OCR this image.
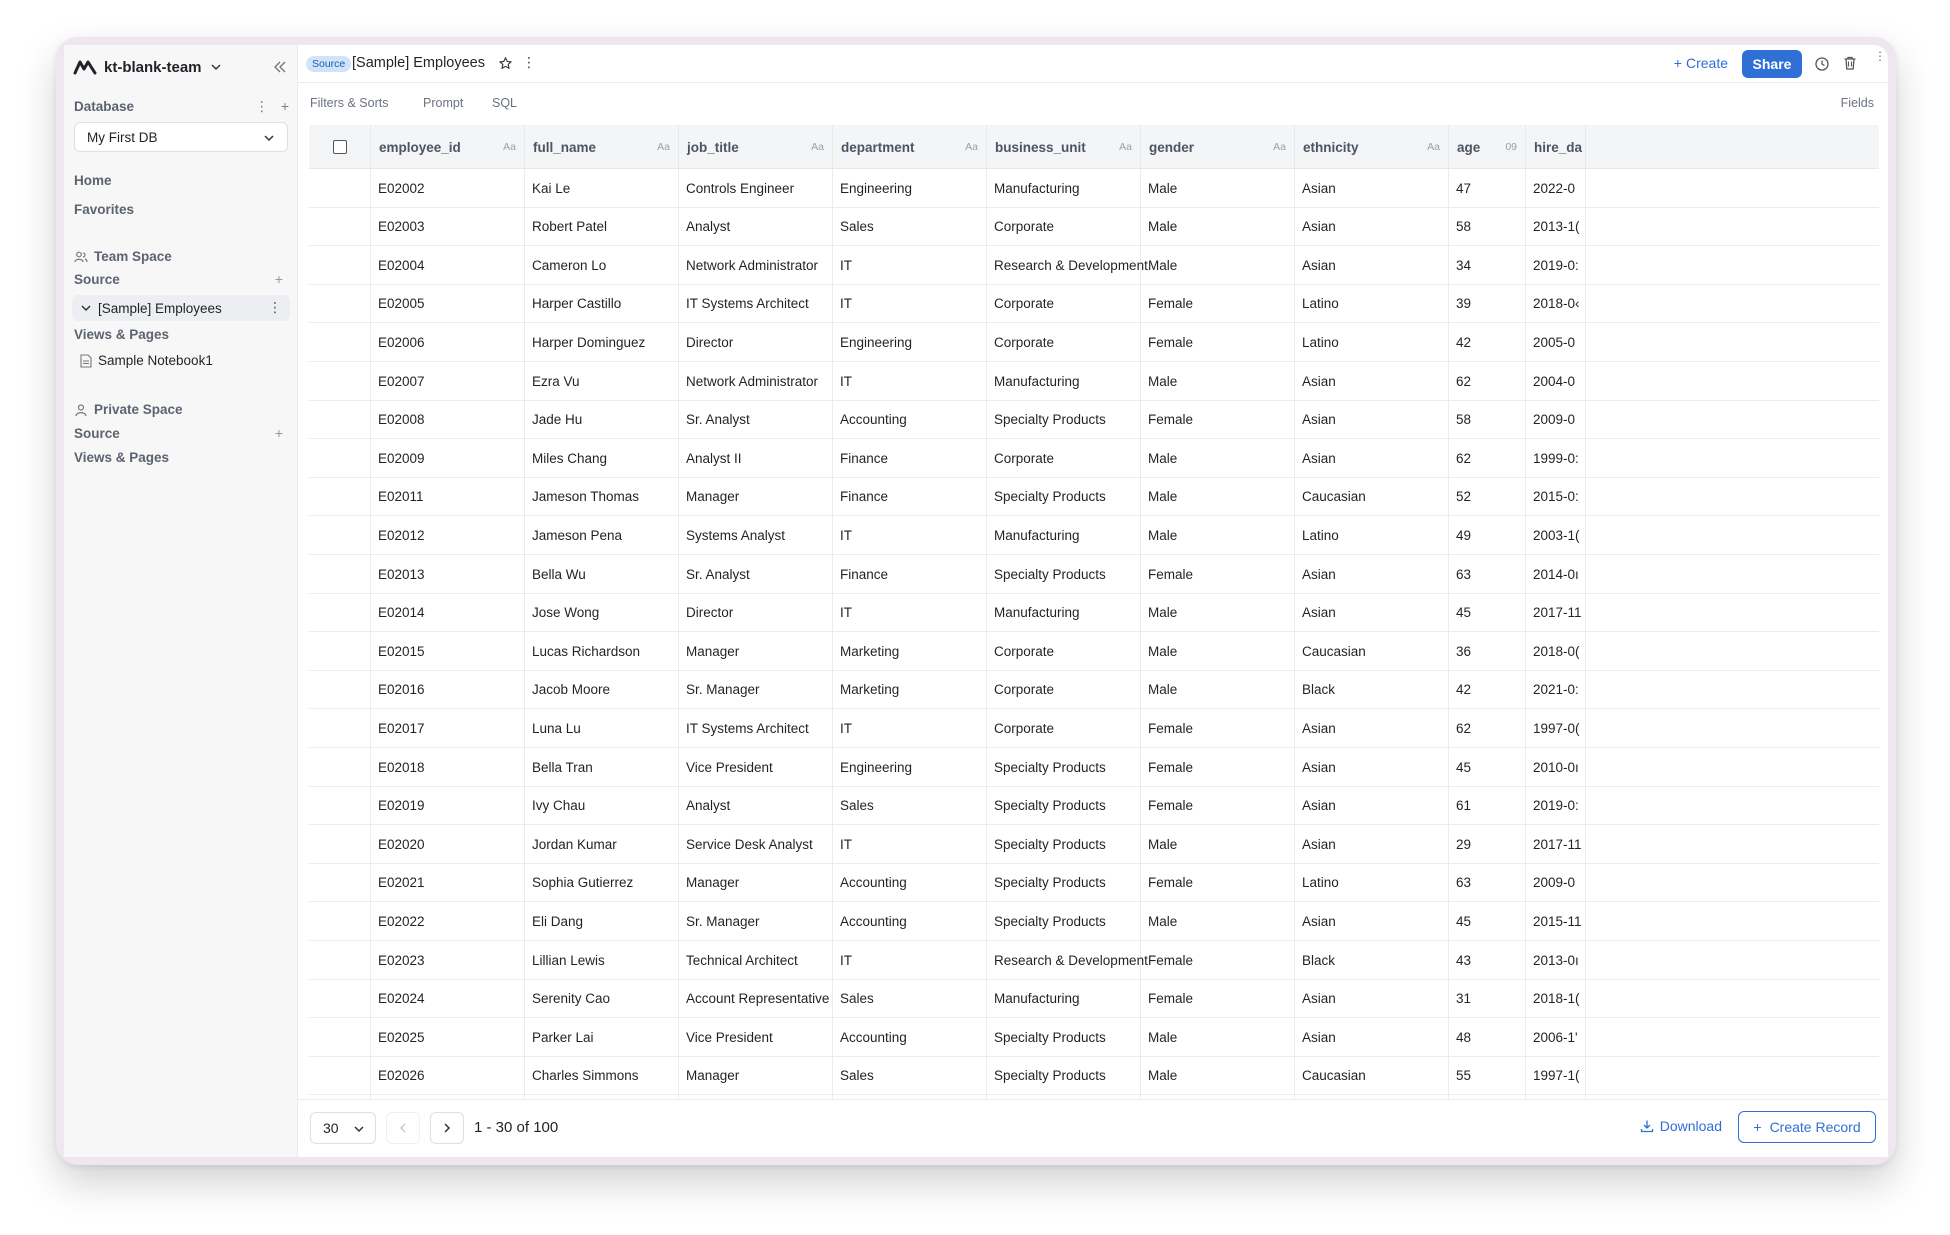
kt-blank-team
Database	⋮ +
My First DB
Home
Favorites
Team Space
Source	+
[Sample] Employees	⋮
Views & Pages
Sample Notebook1
Private Space
Source	+
Views & Pages
Source [Sample] Employees	⋮	+ Create	Share	⋮
Filters & Sorts	Prompt SQL	Fields
employee_id	Aa full_name	Aa job_title	Aa department	Aa business_unit	Aa gender	Aa ethnicity	Aa age 09 hire_da
E02002	Kai Le	Controls Engineer	Engineering	Manufacturing	Male	Asian	47	2022-0
E02003	Robert Patel	Analyst	Sales	Corporate	Male	Asian	58	2013-1(
E02004	Cameron Lo	Network Administrator	IT	Research & Development Male	Asian	34	2019-0:
E02005	Harper Castillo	IT Systems Architect	IT	Corporate	Female	Latino	39	2018-0‹
E02006	Harper Dominguez	Director	Engineering	Corporate	Female	Latino	42	2005-0
E02007	Ezra Vu	Network Administrator	IT	Manufacturing	Male	Asian	62	2004-0
E02008	Jade Hu	Sr. Analyst	Accounting	Specialty Products	Female	Asian	58	2009-0
E02009	Miles Chang	Analyst II	Finance	Corporate	Male	Asian	62	1999-0:
E02011	Jameson Thomas	Manager	Finance	Specialty Products	Male	Caucasian	52	2015-0:
E02012	Jameson Pena	Systems Analyst	IT	Manufacturing	Male	Latino	49	2003-1(
E02013	Bella Wu	Sr. Analyst	Finance	Specialty Products	Female	Asian	63	2014-0ı
E02014	Jose Wong	Director	IT	Manufacturing	Male	Asian	45	2017-11
E02015	Lucas Richardson	Manager	Marketing	Corporate	Male	Caucasian	36	2018-0(
E02016	Jacob Moore	Sr. Manager	Marketing	Corporate	Male	Black	42	2021-0:
E02017	Luna Lu	IT Systems Architect	IT	Corporate	Female	Asian	62	1997-0(
E02018	Bella Tran	Vice President	Engineering	Specialty Products	Female	Asian	45	2010-0ı
E02019	Ivy Chau	Analyst	Sales	Specialty Products	Female	Asian	61	2019-0:
E02020	Jordan Kumar	Service Desk Analyst	IT	Specialty Products	Male	Asian	29	2017-11
E02021	Sophia Gutierrez	Manager	Accounting	Specialty Products	Female	Latino	63	2009-0
E02022	Eli Dang	Sr. Manager	Accounting	Specialty Products	Male	Asian	45	2015-11
E02023	Lillian Lewis	Technical Architect	IT	Research & Development Female	Black	43	2013-0ı
E02024	Serenity Cao	Account Representative Sales	Manufacturing	Female	Asian	31	2018-1(
E02025	Parker Lai	Vice President	Accounting	Specialty Products	Male	Asian	48	2006-1'
E02026	Charles Simmons	Manager	Sales	Specialty Products	Male	Caucasian	55	1997-1(
30	1 - 30 of 100	Download + Create Record
